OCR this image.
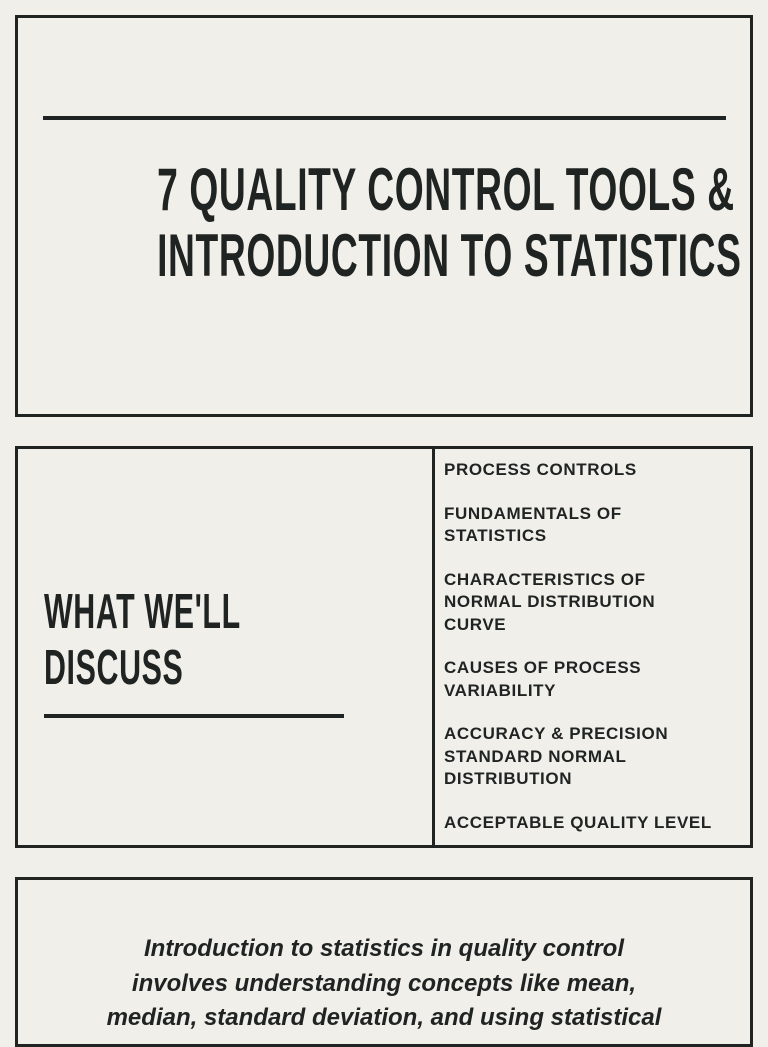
7 QUALITY CONTROL TOOLS &
INTRODUCTION TO STATISTICS
WHAT WE'LL
DISCUSS
PROCESS CONTROLS
FUNDAMENTALS OF
STATISTICS
CHARACTERISTICS OF
NORMAL DISTRIBUTION
CURVE
CAUSES OF PROCESS
VARIABILITY
ACCURACY & PRECISION
STANDARD NORMAL
DISTRIBUTION
ACCEPTABLE QUALITY LEVEL

Introduction to statistics in quality control
involves understanding concepts like mean,
median, standard deviation, and using statistical
